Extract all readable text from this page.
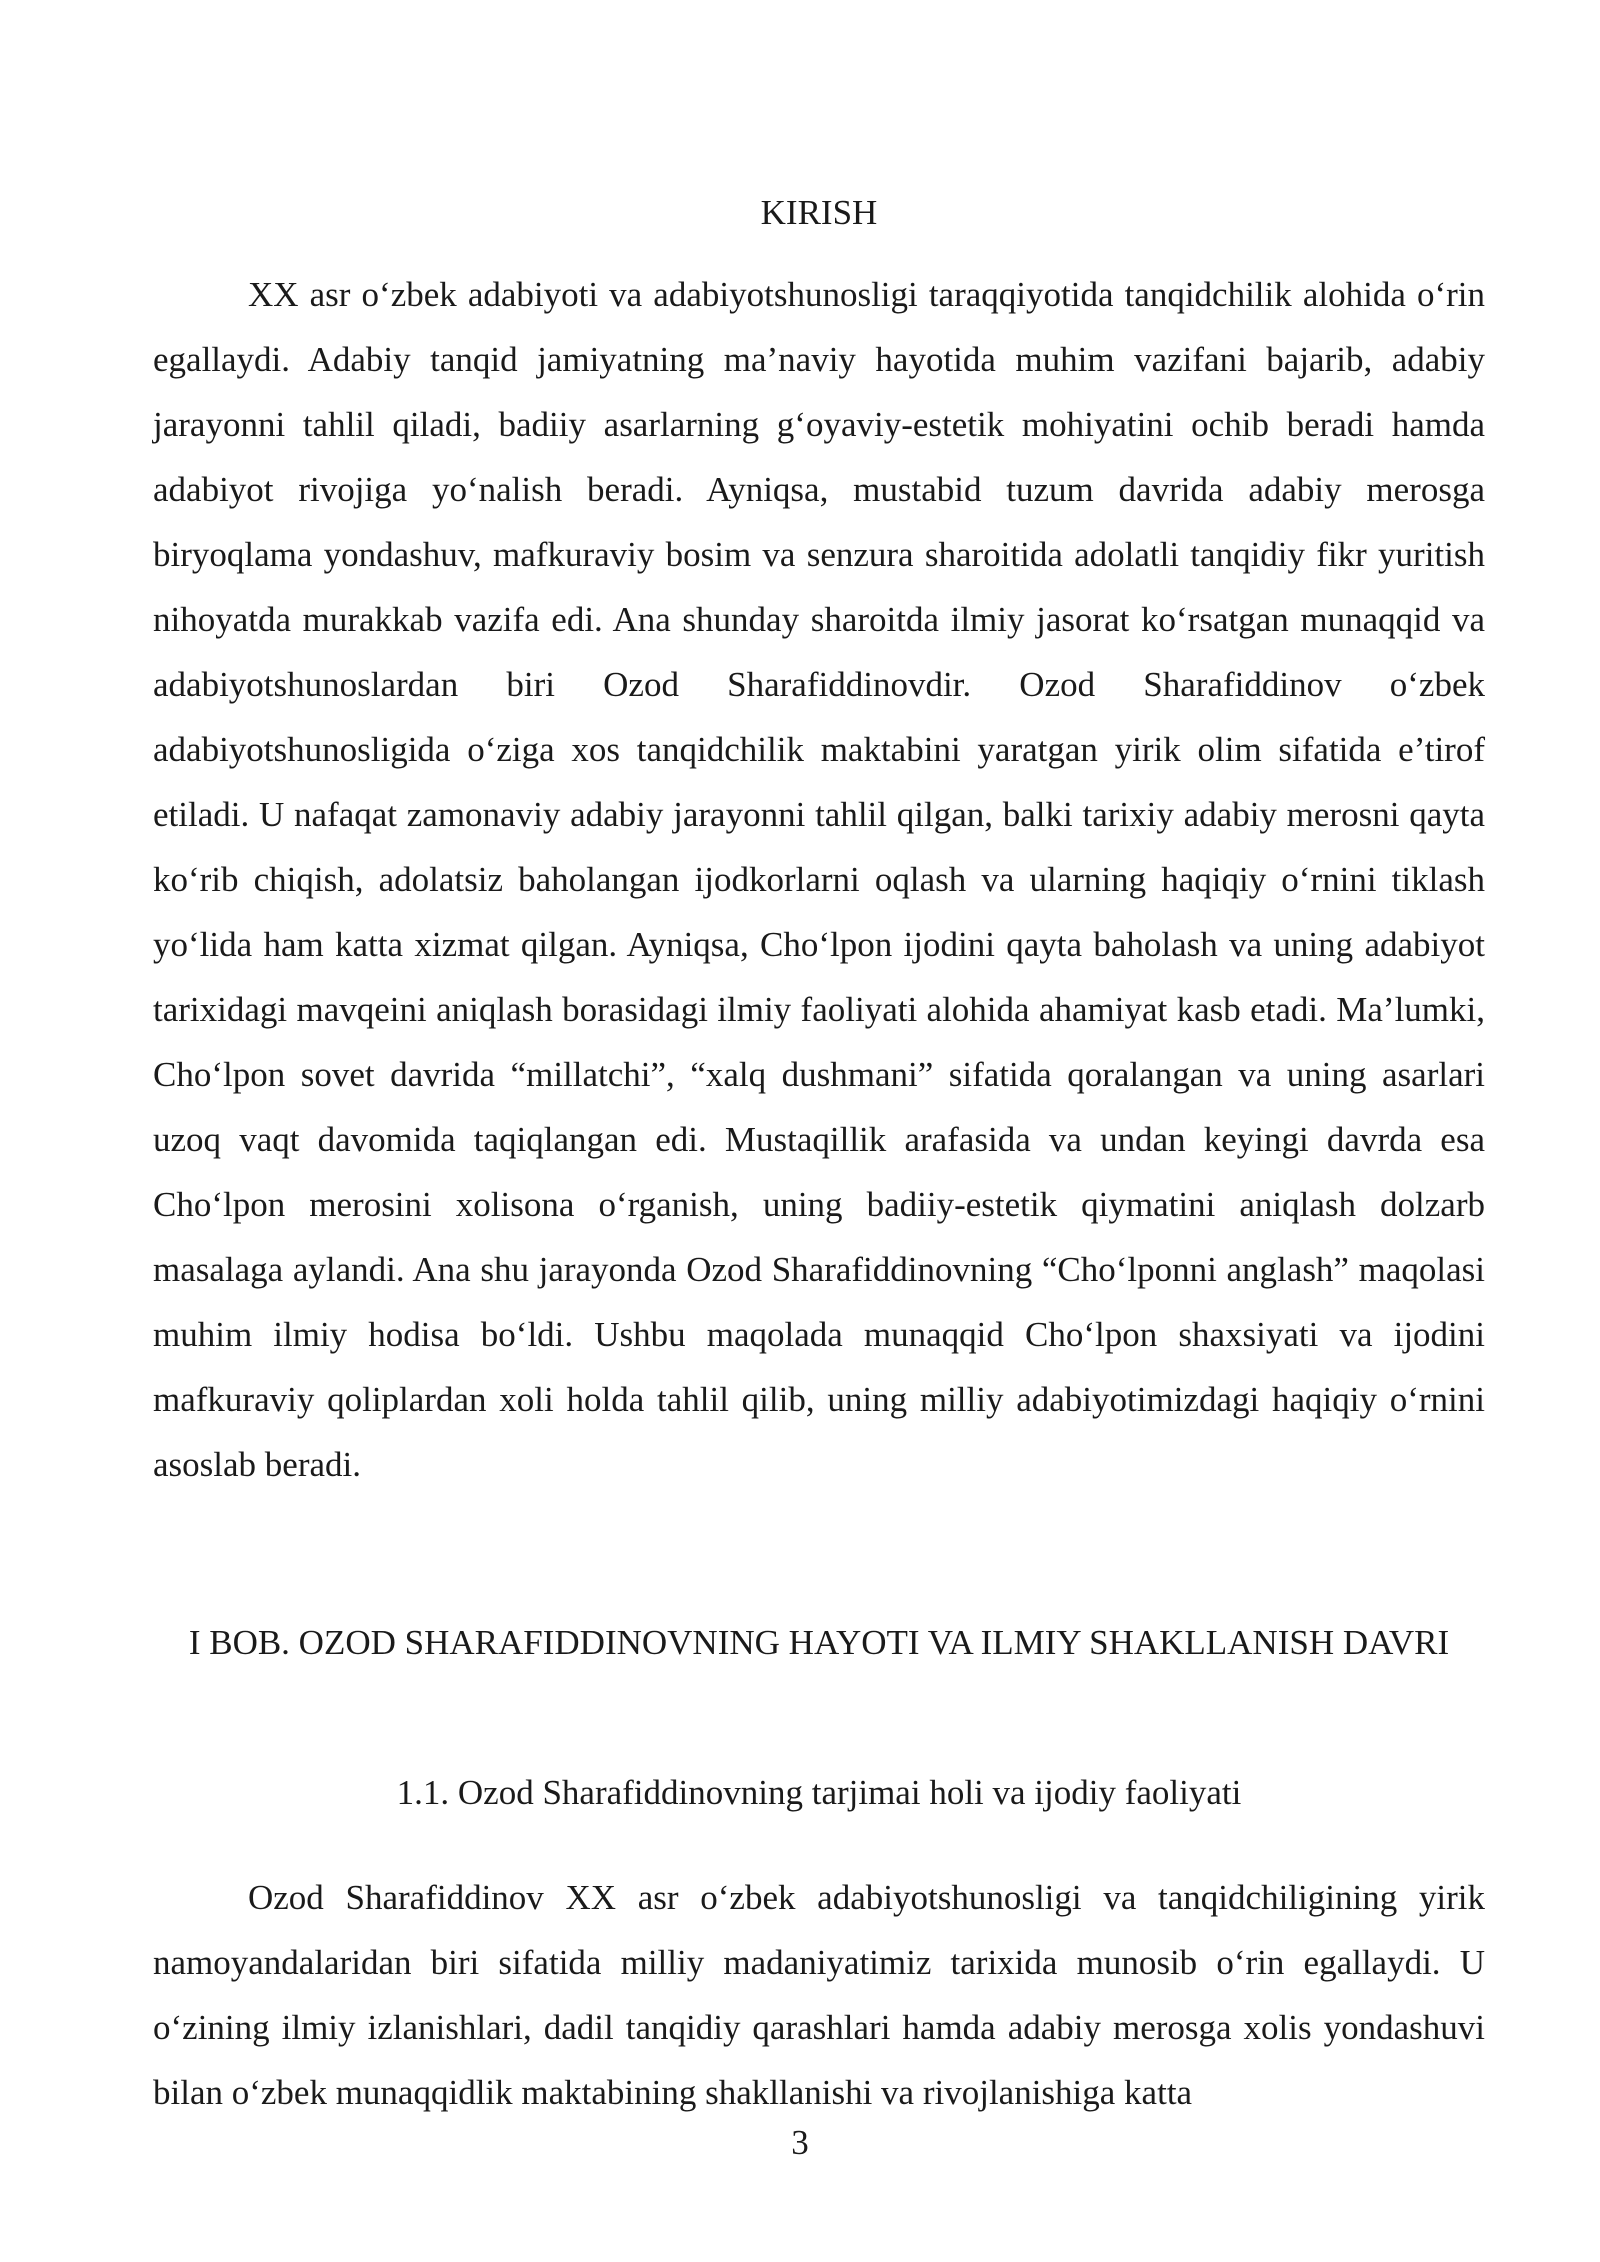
KIRISH

XX asr o‘zbek adabiyoti va adabiyotshunosligi taraqqiyotida tanqidchilik alohida o‘rin egallaydi. Adabiy tanqid jamiyatning ma’naviy hayotida muhim vazifani bajarib, adabiy jarayonni tahlil qiladi, badiiy asarlarning g‘oyaviy-estetik mohiyatini ochib beradi hamda adabiyot rivojiga yo‘nalish beradi. Ayniqsa, mustabid tuzum davrida adabiy merosga biryoqlama yondashuv, mafkuraviy bosim va senzura sharoitida adolatli tanqidiy fikr yuritish nihoyatda murakkab vazifa edi. Ana shunday sharoitda ilmiy jasorat ko‘rsatgan munaqqid va adabiyotshunoslardan biri Ozod Sharafiddinovdir. Ozod Sharafiddinov o‘zbek adabiyotshunosligida o‘ziga xos tanqidchilik maktabini yaratgan yirik olim sifatida e’tirof etiladi. U nafaqat zamonaviy adabiy jarayonni tahlil qilgan, balki tarixiy adabiy merosni qayta ko‘rib chiqish, adolatsiz baholangan ijodkorlarni oqlash va ularning haqiqiy o‘rnini tiklash yo‘lida ham katta xizmat qilgan. Ayniqsa, Cho‘lpon ijodini qayta baholash va uning adabiyot tarixidagi mavqeini aniqlash borasidagi ilmiy faoliyati alohida ahamiyat kasb etadi. Ma’lumki, Cho‘lpon sovet davrida “millatchi”, “xalq dushmani” sifatida qoralangan va uning asarlari uzoq vaqt davomida taqiqlangan edi. Mustaqillik arafasida va undan keyingi davrda esa Cho‘lpon merosini xolisona o‘rganish, uning badiiy-estetik qiymatini aniqlash dolzarb masalaga aylandi. Ana shu jarayonda Ozod Sharafiddinovning “Cho‘lponni anglash” maqolasi muhim ilmiy hodisa bo‘ldi. Ushbu maqolada munaqqid Cho‘lpon shaxsiyati va ijodini mafkuraviy qoliplardan xoli holda tahlil qilib, uning milliy adabiyotimizdagi haqiqiy o‘rnini asoslab beradi.

I BOB. OZOD SHARAFIDDINOVNING HAYOTI VA ILMIY SHAKLLANISH DAVRI
1.1. Ozod Sharafiddinovning tarjimai holi va ijodiy faoliyati

Ozod Sharafiddinov XX asr o‘zbek adabiyotshunosligi va tanqidchiligining yirik namoyandalaridan biri sifatida milliy madaniyatimiz tarixida munosib o‘rin egallaydi. U o‘zining ilmiy izlanishlari, dadil tanqidiy qarashlari hamda adabiy merosga xolis yondashuvi bilan o‘zbek munaqqidlik maktabining shakllanishi va rivojlanishiga katta

3
